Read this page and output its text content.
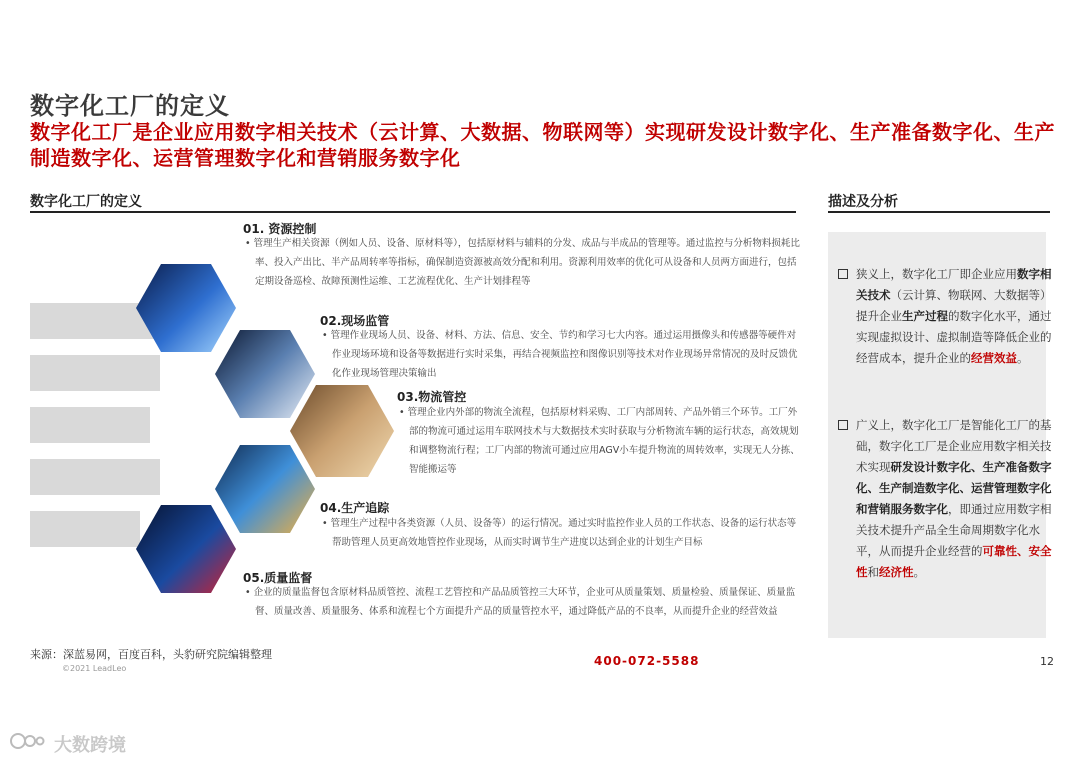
数字化工厂的定义
数字化工厂是企业应用数字相关技术（云计算、大数据、物联网等）实现研发设计数字化、生产准备数字化、生产制造数字化、运营管理数字化和营销服务数字化
数字化工厂的定义	描述及分析
01. 资源控制
• 管理生产相关资源（例如人员、设备、原材料等），包括原材料与辅料的分发、成品与半成品的管理等。通过监控与分析物料损耗比率、投入产出比、半产品周转率等指标，确保制造资源被高效分配和利用。资源利用效率的优化可从设备和人员两方面进行，包括定期设备巡检、故障预测性运维、工艺流程优化、生产计划排程等
02.现场监管
• 管理作业现场人员、设备、材料、方法、信息、安全、节约和学习七大内容。通过运用摄像头和传感器等硬件对作业现场环境和设备等数据进行实时采集，再结合视频监控和图像识别等技术对作业现场异常情况的及时反馈优化作业现场管理决策输出
03.物流管控
• 管理企业内外部的物流全流程，包括原材料采购、工厂内部周转、产品外销三个环节。工厂外部的物流可通过运用车联网技术与大数据技术实时获取与分析物流车辆的运行状态，高效规划和调整物流行程；工厂内部的物流可通过应用AGV小车提升物流的周转效率，实现无人分拣、智能搬运等
04.生产追踪
• 管理生产过程中各类资源（人员、设备等）的运行情况。通过实时监控作业人员的工作状态、设备的运行状态等帮助管理人员更高效地管控作业现场，从而实时调节生产进度以达到企业的计划生产目标
05.质量监督
• 企业的质量监督包含原材料品质管控、流程工艺管控和产品品质管控三大环节，企业可从质量策划、质量检验、质量保证、质量监督、质量改善、质量服务、体系和流程七个方面提升产品的质量管控水平，通过降低产品的不良率，从而提升企业的经营效益
狭义上，数字化工厂即企业应用数字相关技术（云计算、物联网、大数据等）提升企业生产过程的数字化水平，通过实现虚拟设计、虚拟制造等降低企业的经营成本，提升企业的经营效益。
广义上，数字化工厂是智能化工厂的基础，数字化工厂是企业应用数字相关技术实现研发设计数字化、生产准备数字化、生产制造数字化、运营管理数字化和营销服务数字化，即通过应用数字相关技术提升产品全生命周期数字化水平，从而提升企业经营的可靠性、安全性和经济性。
来源：深蓝易网，百度百科，头豹研究院编辑整理
©2021 LeadLeo
400-072-5588	12
大数跨境
